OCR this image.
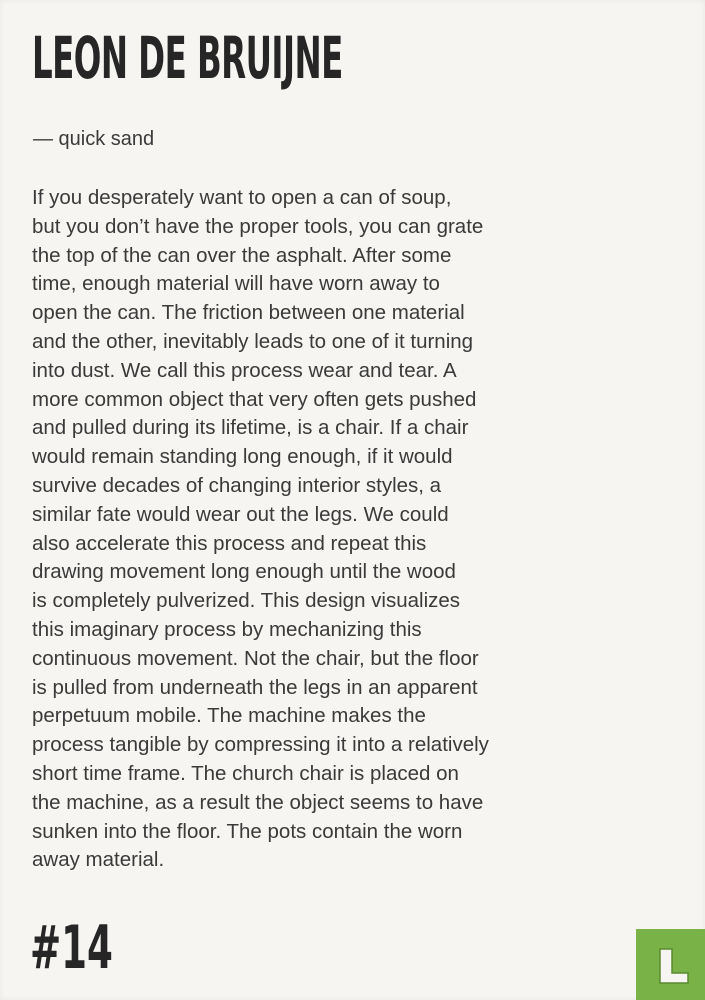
LEON DE BRUIJNE

— quick sand

If you desperately want to open a can of soup,
but you don’t have the proper tools, you can grate
the top of the can over the asphalt. After some
time, enough material will have worn away to
open the can. The friction between one material
and the other, inevitably leads to one of it turning
into dust. We call this process wear and tear. A
more common object that very often gets pushed
and pulled during its lifetime, is a chair. If a chair
would remain standing long enough, if it would
survive decades of changing interior styles, a
similar fate would wear out the legs. We could
also accelerate this process and repeat this
drawing movement long enough until the wood
is completely pulverized. This design visualizes
this imaginary process by mechanizing this
continuous movement. Not the chair, but the floor
is pulled from underneath the legs in an apparent
perpetuum mobile. The machine makes the
process tangible by compressing it into a relatively
short time frame. The church chair is placed on
the machine, as a result the object seems to have
sunken into the floor. The pots contain the worn
away material.

#14
